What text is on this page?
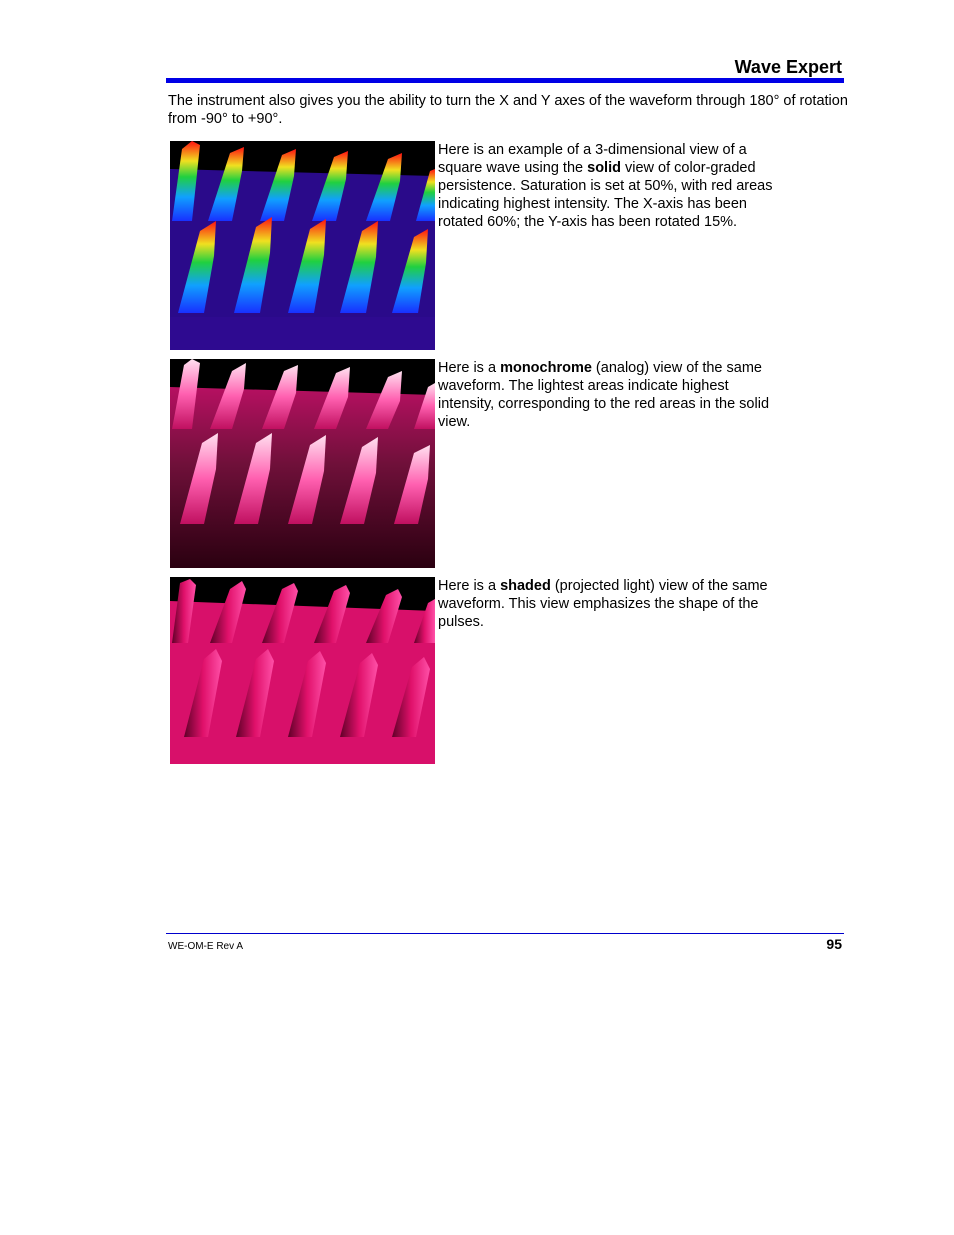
Wave Expert
The instrument also gives you the ability to turn the X and Y axes of the waveform through 180° of rotation from -90° to +90°.
Here is an example of a 3-dimensional view of a square wave using the solid view of color-graded persistence. Saturation is set at 50%, with red areas indicating highest intensity. The X-axis has been rotated 60%; the Y-axis has been rotated 15%.
Here is a monochrome (analog) view of the same waveform. The lightest areas indicate highest intensity, corresponding to the red areas in the solid view.
Here is a shaded (projected light) view of the same waveform. This view emphasizes the shape of the pulses.
WE-OM-E Rev A	95
